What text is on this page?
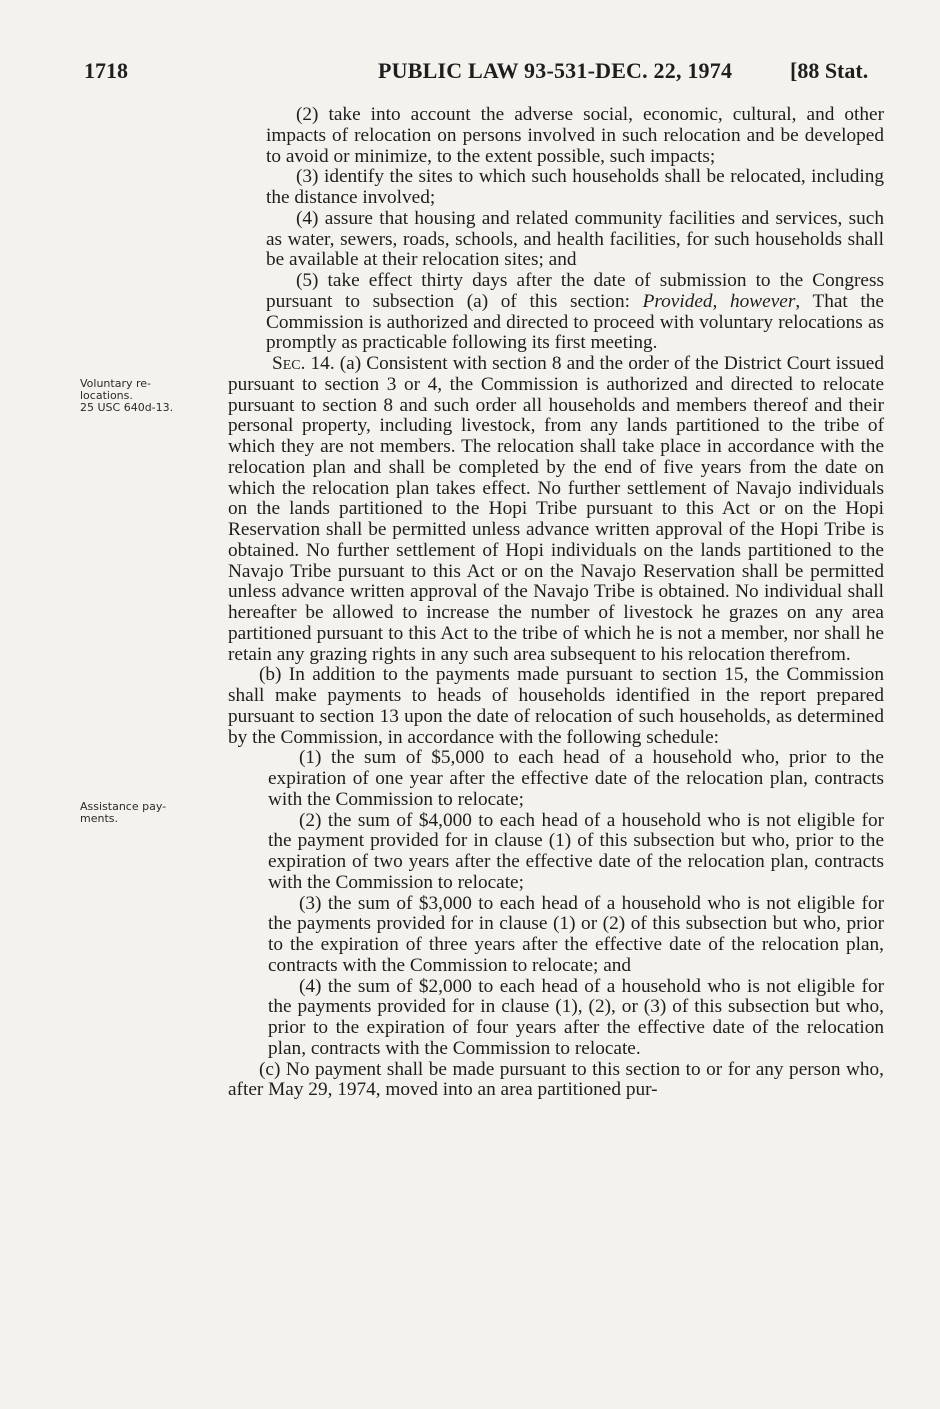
1718	PUBLIC LAW 93-531-DEC. 22, 1974	[88 Stat.
Voluntary re-
locations.
25 USC 640d-13.
Assistance pay-
ments.

(2) take into account the adverse social, economic, cultural, and other impacts of relocation on persons involved in such relocation and be developed to avoid or minimize, to the extent possible, such impacts;

(3) identify the sites to which such households shall be relocated, including the distance involved;

(4) assure that housing and related community facilities and services, such as water, sewers, roads, schools, and health facilities, for such households shall be available at their relocation sites; and

(5) take effect thirty days after the date of submission to the Congress pursuant to subsection (a) of this section: Provided, however, That the Commission is authorized and directed to proceed with voluntary relocations as promptly as practicable following its first meeting.

Sec. 14. (a) Consistent with section 8 and the order of the District Court issued pursuant to section 3 or 4, the Commission is authorized and directed to relocate pursuant to section 8 and such order all households and members thereof and their personal property, including livestock, from any lands partitioned to the tribe of which they are not members. The relocation shall take place in accordance with the relocation plan and shall be completed by the end of five years from the date on which the relocation plan takes effect. No further settlement of Navajo individuals on the lands partitioned to the Hopi Tribe pursuant to this Act or on the Hopi Reservation shall be permitted unless advance written approval of the Hopi Tribe is obtained. No further settlement of Hopi individuals on the lands partitioned to the Navajo Tribe pursuant to this Act or on the Navajo Reservation shall be permitted unless advance written approval of the Navajo Tribe is obtained. No individual shall hereafter be allowed to increase the number of livestock he grazes on any area partitioned pursuant to this Act to the tribe of which he is not a member, nor shall he retain any grazing rights in any such area subsequent to his relocation therefrom.

(b) In addition to the payments made pursuant to section 15, the Commission shall make payments to heads of households identified in the report prepared pursuant to section 13 upon the date of relocation of such households, as determined by the Commission, in accordance with the following schedule:

(1) the sum of $5,000 to each head of a household who, prior to the expiration of one year after the effective date of the relocation plan, contracts with the Commission to relocate;

(2) the sum of $4,000 to each head of a household who is not eligible for the payment provided for in clause (1) of this subsection but who, prior to the expiration of two years after the effective date of the relocation plan, contracts with the Commission to relocate;

(3) the sum of $3,000 to each head of a household who is not eligible for the payments provided for in clause (1) or (2) of this subsection but who, prior to the expiration of three years after the effective date of the relocation plan, contracts with the Commission to relocate; and

(4) the sum of $2,000 to each head of a household who is not eligible for the payments provided for in clause (1), (2), or (3) of this subsection but who, prior to the expiration of four years after the effective date of the relocation plan, contracts with the Commission to relocate.

(c) No payment shall be made pursuant to this section to or for any person who, after May 29, 1974, moved into an area partitioned pur-
